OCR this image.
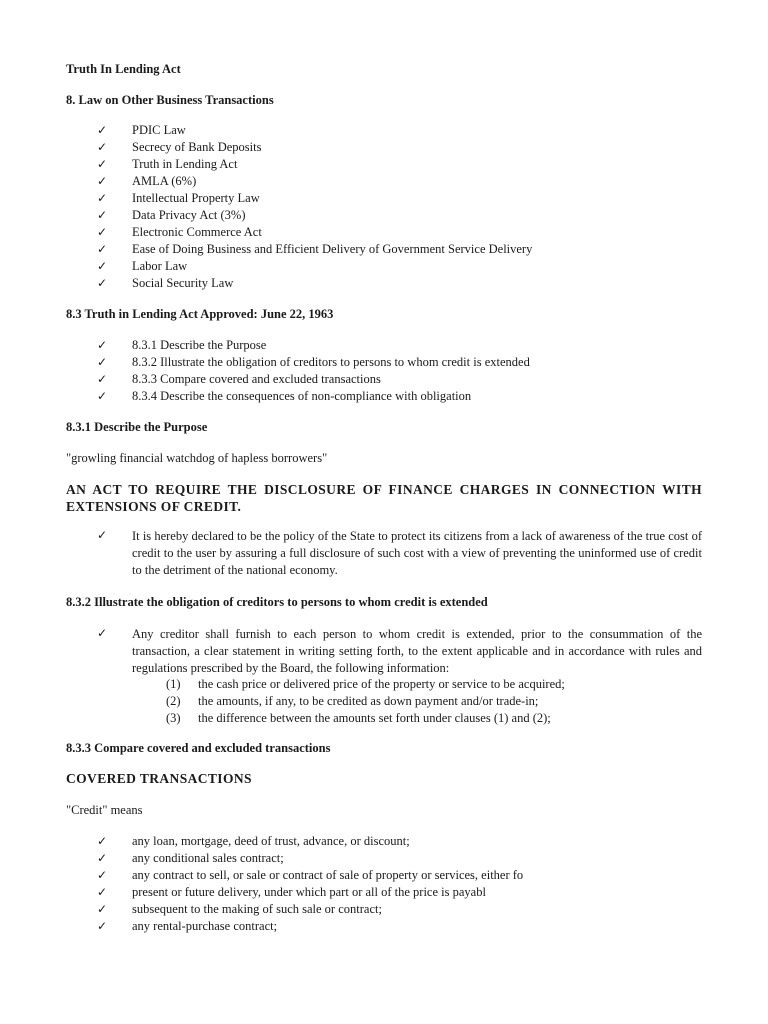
Truth In Lending Act
8. Law on Other Business Transactions
✓	PDIC Law
✓	Secrecy of Bank Deposits
✓	Truth in Lending Act
✓	AMLA (6%)
✓	Intellectual Property Law
✓	Data Privacy Act (3%)
✓	Electronic Commerce Act
✓	Ease of Doing Business and Efficient Delivery of Government Service Delivery
✓	Labor Law
✓	Social Security Law
8.3 Truth in Lending Act Approved: June 22, 1963
✓	8.3.1 Describe the Purpose
✓	8.3.2 Illustrate the obligation of creditors to persons to whom credit is extended
✓	8.3.3 Compare covered and excluded transactions
✓	8.3.4 Describe the consequences of non-compliance with obligation
8.3.1 Describe the Purpose
"growling financial watchdog of hapless borrowers"
AN ACT TO REQUIRE THE DISCLOSURE OF FINANCE CHARGES IN CONNECTION WITH EXTENSIONS OF CREDIT.
✓ It is hereby declared to be the policy of the State to protect its citizens from a lack of awareness of the true cost of credit to the user by assuring a full disclosure of such cost with a view of preventing the uninformed use of credit to the detriment of the national economy.
8.3.2 Illustrate the obligation of creditors to persons to whom credit is extended
✓ Any creditor shall furnish to each person to whom credit is extended, prior to the consummation of the transaction, a clear statement in writing setting forth, to the extent applicable and in accordance with rules and regulations prescribed by the Board, the following information:
(1) the cash price or delivered price of the property or service to be acquired;
(2) the amounts, if any, to be credited as down payment and/or trade-in;
(3) the difference between the amounts set forth under clauses (1) and (2);
8.3.3 Compare covered and excluded transactions
COVERED TRANSACTIONS
"Credit" means
✓	any loan, mortgage, deed of trust, advance, or discount;
✓	any conditional sales contract;
✓	any contract to sell, or sale or contract of sale of property or services, either fo
✓	present or future delivery, under which part or all of the price is payabl
✓	subsequent to the making of such sale or contract;
✓	any rental-purchase contract;
